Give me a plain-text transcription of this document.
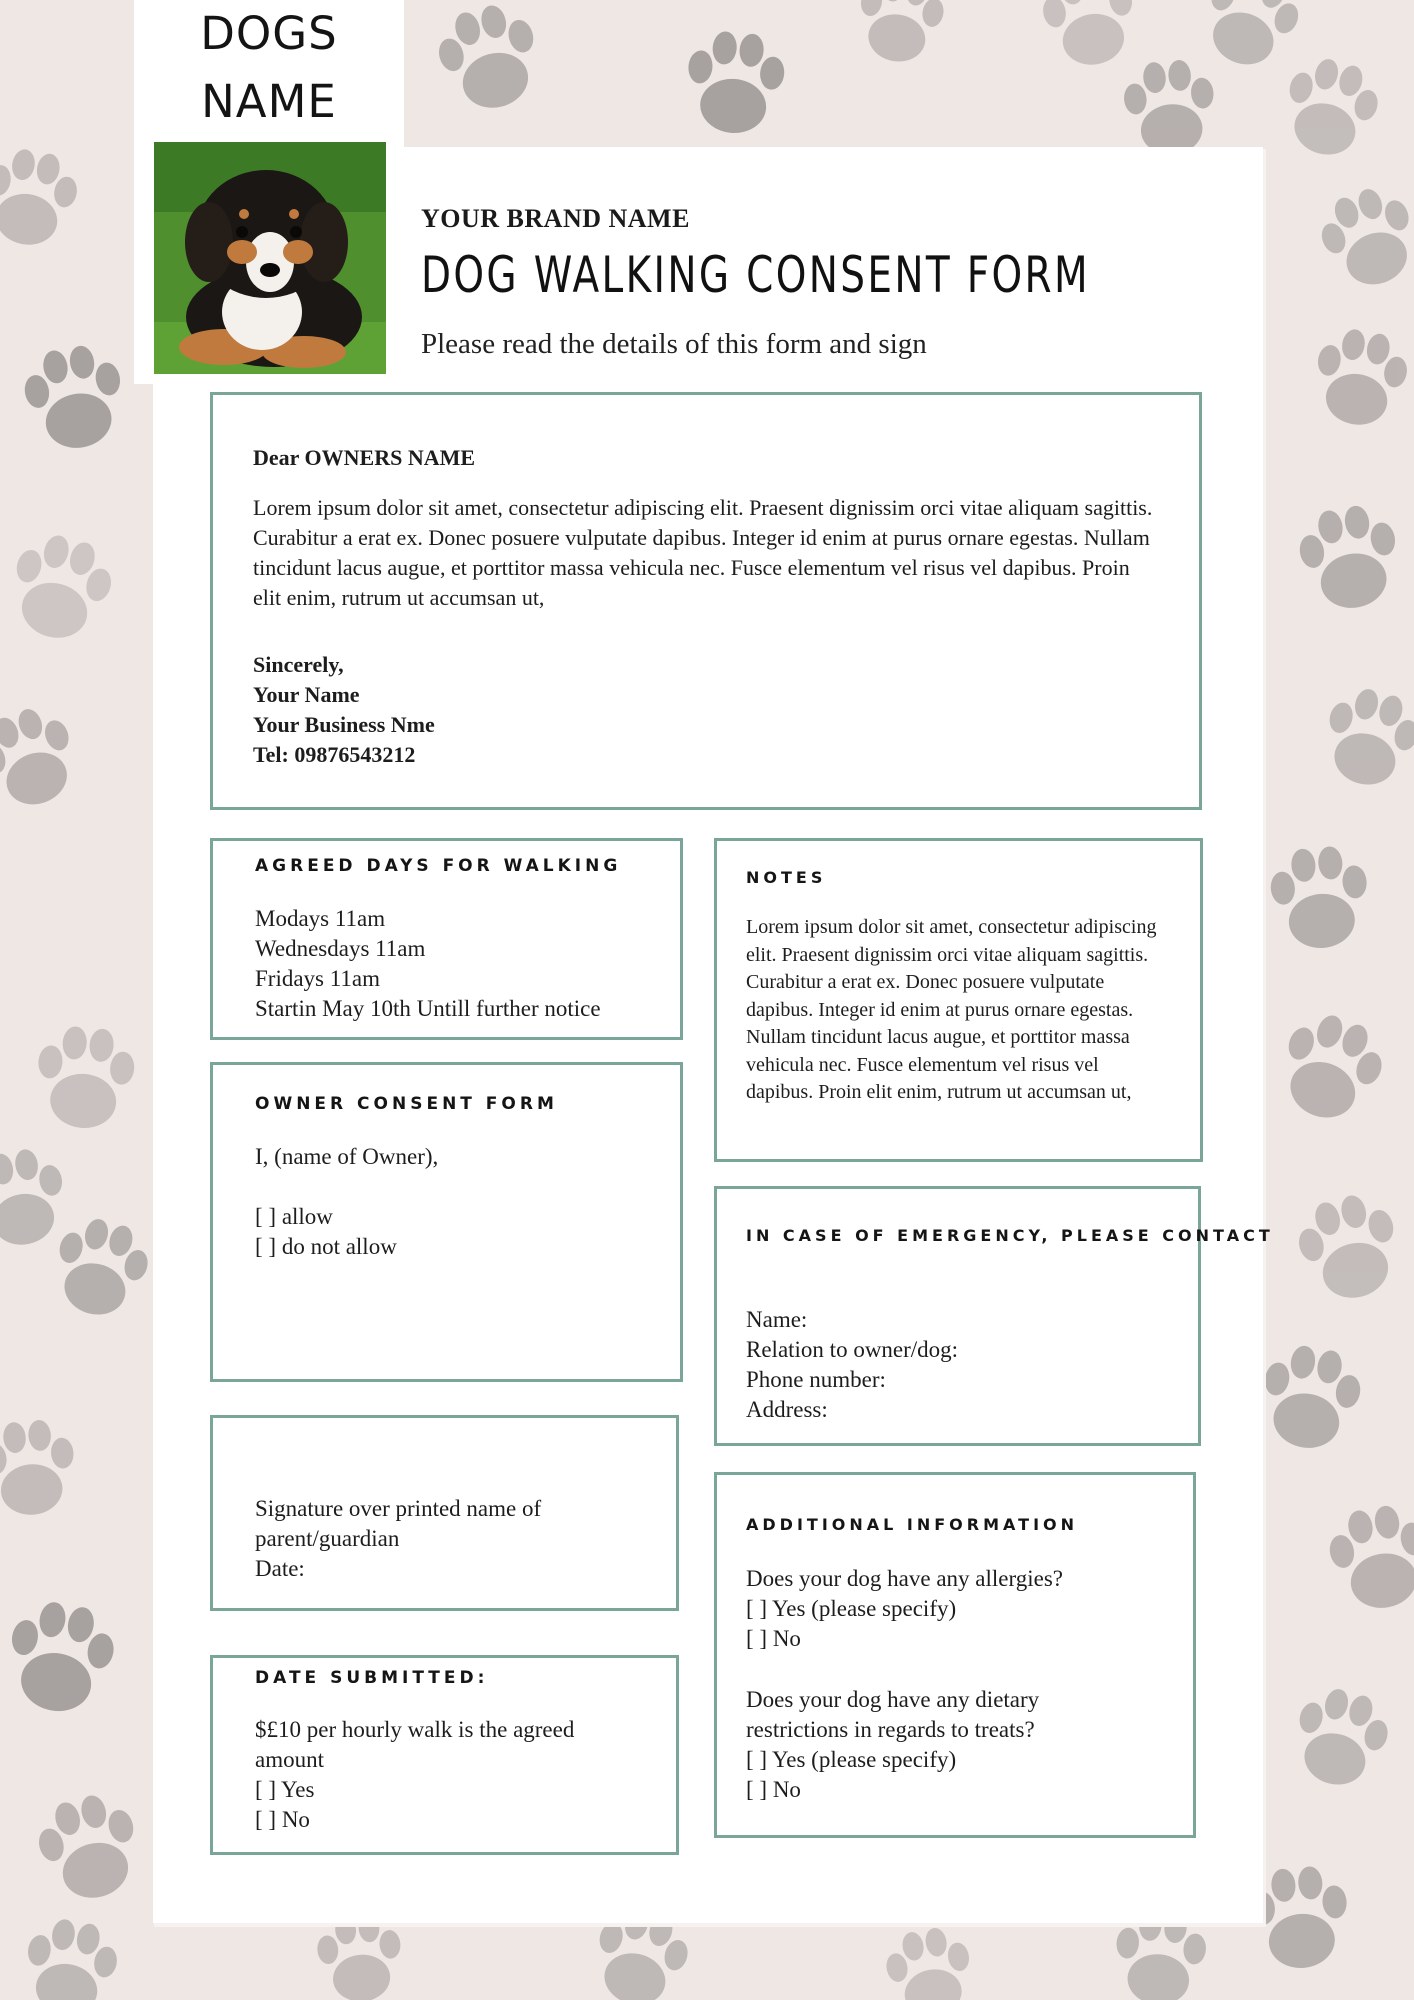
DOGS
NAME
YOUR BRAND NAME
DOG WALKING CONSENT FORM
Please read the details of this form and sign
Dear OWNERS NAME
Lorem ipsum dolor sit amet, consectetur adipiscing elit. Praesent dignissim orci vitae aliquam sagittis. Curabitur a erat ex. Donec posuere vulputate dapibus. Integer id enim at purus ornare egestas. Nullam tincidunt lacus augue, et porttitor massa vehicula nec. Fusce elementum vel risus vel dapibus. Proin elit enim, rutrum ut accumsan ut,
Sincerely,
Your Name
Your Business Nme
Tel: 09876543212
AGREED DAYS FOR WALKING
Modays 11am
Wednesdays 11am
Fridays 11am
Startin May 10th Untill further notice
OWNER CONSENT FORM
I, (name of Owner),
[ ] allow
[ ] do not allow
Signature over printed name of
parent/guardian
Date:
DATE SUBMITTED:
$£10 per hourly walk is the agreed
amount
[ ] Yes
[ ] No
NOTES
Lorem ipsum dolor sit amet, consectetur adipiscing elit. Praesent dignissim orci vitae aliquam sagittis. Curabitur a erat ex. Donec posuere vulputate dapibus. Integer id enim at purus ornare egestas. Nullam tincidunt lacus augue, et porttitor massa vehicula nec. Fusce elementum vel risus vel dapibus. Proin elit enim, rutrum ut accumsan ut,
IN CASE OF EMERGENCY, PLEASE CONTACT
Name:
Relation to owner/dog:
Phone number:
Address:
ADDITIONAL INFORMATION
Does your dog have any allergies?
[ ] Yes (please specify)
[ ] No
Does your dog have any dietary
restrictions in regards to treats?
[ ] Yes (please specify)
[ ] No
